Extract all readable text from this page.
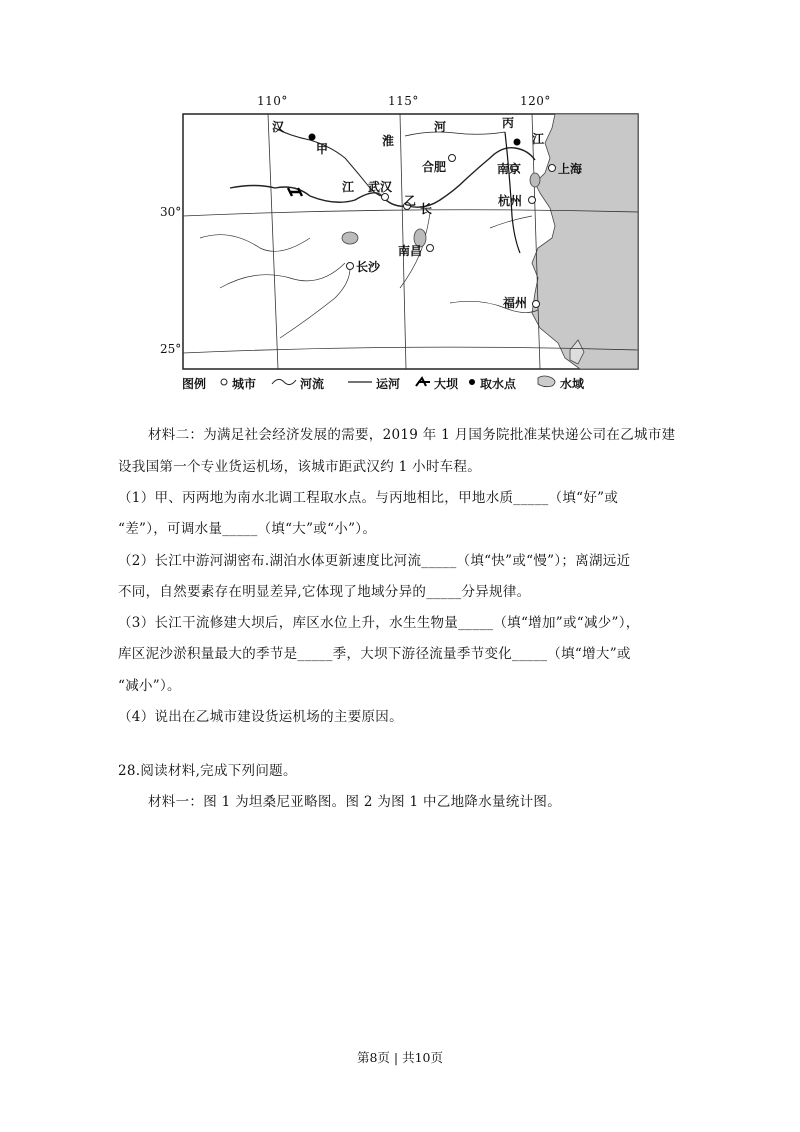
110°	115°	120°
30°
25°
汉
甲
淮
河	丙
江
江 武汉
乙
长
合肥	南京	上海
杭州
长沙
南昌
福州
图例 城市	河流	运河	大坝 取水点	水域
材料二：为满足社会经济发展的需要，2019 年 1 月国务院批准某快递公司在乙城市建
设我国第一个专业货运机场，该城市距武汉约 1 小时车程。
（1）甲、丙两地为南水北调工程取水点。与丙地相比，甲地水质_____（填“好”或
“差”），可调水量_____（填“大”或“小”）。
（2）长江中游河湖密布.湖泊水体更新速度比河流_____（填“快”或“慢”）；离湖远近
不同，自然要素存在明显差异,它体现了地域分异的_____分异规律。
（3）长江干流修建大坝后，库区水位上升，水生生物量_____（填“增加”或“减少”），
库区泥沙淤积量最大的季节是_____季，大坝下游径流量季节变化_____（填“增大”或
“减小”）。
（4）说出在乙城市建设货运机场的主要原因。
28.阅读材料,完成下列问题。
材料一：图 1 为坦桑尼亚略图。图 2 为图 1 中乙地降水量统计图。
第8页 | 共10页
